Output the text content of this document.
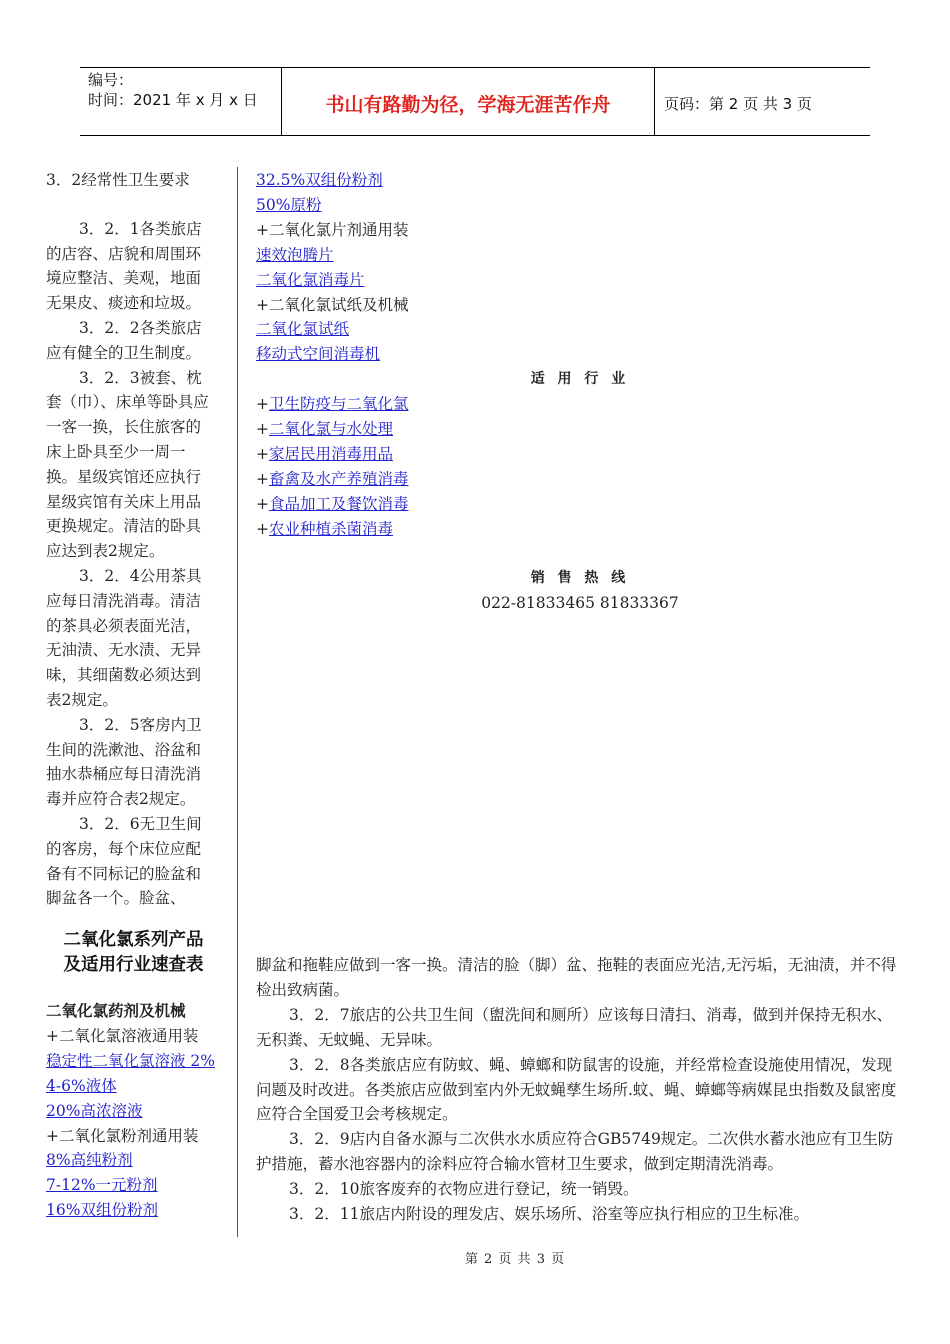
编号：
时间：2021 年 x 月 x 日	书山有路勤为径，学海无涯苦作舟	页码：第 2 页 共 3 页

3．2经常性卫生要求

3．2．1各类旅店的店容、店貌和周围环境应整洁、美观，地面无果皮、痰迹和垃圾。

3．2．2各类旅店应有健全的卫生制度。

3．2．3被套、枕套（巾）、床单等卧具应一客一换，长住旅客的床上卧具至少一周一换。星级宾馆还应执行星级宾馆有关床上用品更换规定。清洁的卧具应达到表2规定。

3．2．4公用茶具应每日清洗消毒。清洁的茶具必须表面光洁，无油渍、无水渍、无异味，其细菌数必须达到表2规定。

3．2．5客房内卫生间的洗漱池、浴盆和抽水恭桶应每日清洗消毒并应符合表2规定。

3．2．6无卫生间的客房，每个床位应配备有不同标记的脸盆和脚盆各一个。脸盆、

32.5%双组份粉剂
50%原粉
+二氧化氯片剂通用装
速效泡腾片
二氧化氯消毒片
+二氧化氯试纸及机械
二氧化氯试纸
移动式空间消毒机
适 用 行 业
+卫生防疫与二氧化氯
+二氧化氯与水处理
+家居民用消毒用品
+畜禽及水产养殖消毒
+食品加工及餐饮消毒
+农业种植杀菌消毒
销 售 热 线
022-81833465 81833367
二氧化氯系列产品
及适用行业速查表
二氧化氯药剂及机械
+二氧化氯溶液通用装
稳定性二氧化氯溶液 2%
4-6%液体
20%高浓溶液
+二氧化氯粉剂通用装
8%高纯粉剂
7-12%一元粉剂
16%双组份粉剂

脚盆和拖鞋应做到一客一换。清洁的脸（脚）盆、拖鞋的表面应光洁,无污垢，无油渍，并不得检出致病菌。

3．2．7旅店的公共卫生间（盥洗间和厕所）应该每日清扫、消毒，做到并保持无积水、无积粪、无蚊蝇、无异味。

3．2．8各类旅店应有防蚊、蝇、蟑螂和防鼠害的设施，并经常检查设施使用情况，发现问题及时改进。各类旅店应做到室内外无蚊蝇孳生场所.蚊、蝇、蟑螂等病媒昆虫指数及鼠密度应符合全国爱卫会考核规定。

3．2．9店内自备水源与二次供水水质应符合GB5749规定。二次供水蓄水池应有卫生防护措施，蓄水池容器内的涂料应符合输水管材卫生要求，做到定期清洗消毒。

3．2．10旅客废弃的衣物应进行登记，统一销毁。

3．2．11旅店内附设的理发店、娱乐场所、浴室等应执行相应的卫生标准。

第 2 页 共 3 页
